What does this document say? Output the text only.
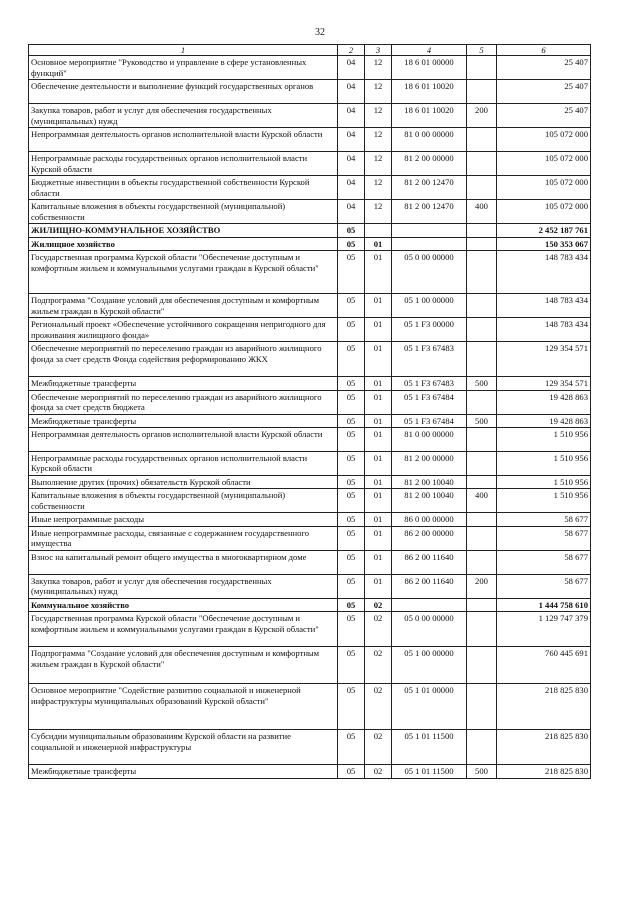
32
1	2	3	4	5	6
Основное мероприятие "Руководство и управление в сфере установленных функций"	04	12	18 6 01 00000		25 407
Обеспечение деятельности и выполнение функций государственных органов	04	12	18 6 01 10020		25 407
Закупка товаров, работ и услуг для обеспечения государственных (муниципальных) нужд	04	12	18 6 01 10020	200	25 407
Непрограммная деятельность органов исполнительной власти Курской области	04	12	81 0 00 00000		105 072 000
Непрограммные расходы государственных органов исполнительной власти Курской области	04	12	81 2 00 00000		105 072 000
Бюджетные инвестиции в объекты государственной собственности Курской области	04	12	81 2 00 12470		105 072 000
Капитальные вложения в объекты государственной (муниципальной) собственности	04	12	81 2 00 12470	400	105 072 000
ЖИЛИЩНО-КОММУНАЛЬНОЕ ХОЗЯЙСТВО	05				2 452 187 761
Жилищное хозяйство	05	01			150 353 067
Государственная программа Курской области "Обеспечение доступным и комфортным жильем и коммунальными услугами граждан в Курской области"	05	01	05 0 00 00000		148 783 434
Подпрограмма "Создание условий для обеспечения доступным и комфортным жильем граждан в Курской области"	05	01	05 1 00 00000		148 783 434
Региональный проект «Обеспечение устойчивого сокращения непригодного для проживания жилищного фонда»	05	01	05 1 F3 00000		148 783 434
Обеспечение мероприятий по переселению граждан из аварийного жилищного фонда за счет средств Фонда содействия реформированию ЖКХ	05	01	05 1 F3 67483		129 354 571
Межбюджетные трансферты	05	01	05 1 F3 67483	500	129 354 571
Обеспечение мероприятий по переселению граждан из аварийного жилищного фонда за счет средств бюджета	05	01	05 1 F3 67484		19 428 863
Межбюджетные трансферты	05	01	05 1 F3 67484	500	19 428 863
Непрограммная деятельность органов исполнительной власти Курской области	05	01	81 0 00 00000		1 510 956
Непрограммные расходы государственных органов исполнительной власти Курской области	05	01	81 2 00 00000		1 510 956
Выполнение других (прочих) обязательств Курской области	05	01	81 2 00 10040		1 510 956
Капитальные вложения в объекты государственной (муниципальной) собственности	05	01	81 2 00 10040	400	1 510 956
Иные непрограммные расходы	05	01	86 0 00 00000		58 677
Иные непрограммные расходы, связанные с содержанием государственного имущества	05	01	86 2 00 00000		58 677
Взнос на капитальный ремонт общего имущества в многоквартирном доме	05	01	86 2 00 11640		58 677
Закупка товаров, работ и услуг для обеспечения государственных (муниципальных) нужд	05	01	86 2 00 11640	200	58 677
Коммунальное хозяйство	05	02			1 444 758 610
Государственная программа Курской области "Обеспечение доступным и комфортным жильем и коммунальными услугами граждан в Курской области"	05	02	05 0 00 00000		1 129 747 379
Подпрограмма "Создание условий для обеспечения доступным и комфортным жильем граждан в Курской области"	05	02	05 1 00 00000		760 445 691
Основное мероприятие "Содействие развитию социальной и инженерной инфраструктуры муниципальных образований Курской области"	05	02	05 1 01 00000		218 825 830
Субсидии муниципальным образованиям Курской области на развитие социальной и инженерной инфраструктуры	05	02	05 1 01 11500		218 825 830
Межбюджетные трансферты	05	02	05 1 01 11500	500	218 825 830
